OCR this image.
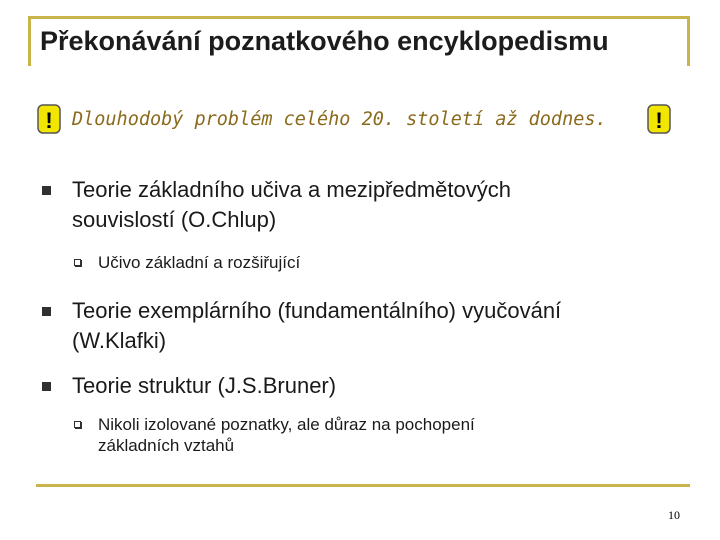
Překonávání poznatkového encyklopedismu
! Dlouhodobý problém celého 20. století až dodnes. !
Teorie základního učiva a mezipředmětových
souvislostí (O.Chlup)
Učivo základní a rozšiřující
Teorie exemplárního (fundamentálního) vyučování
(W.Klafki)
Teorie struktur (J.S.Bruner)
Nikoli izolované poznatky, ale důraz na pochopení
základních vztahů
10
